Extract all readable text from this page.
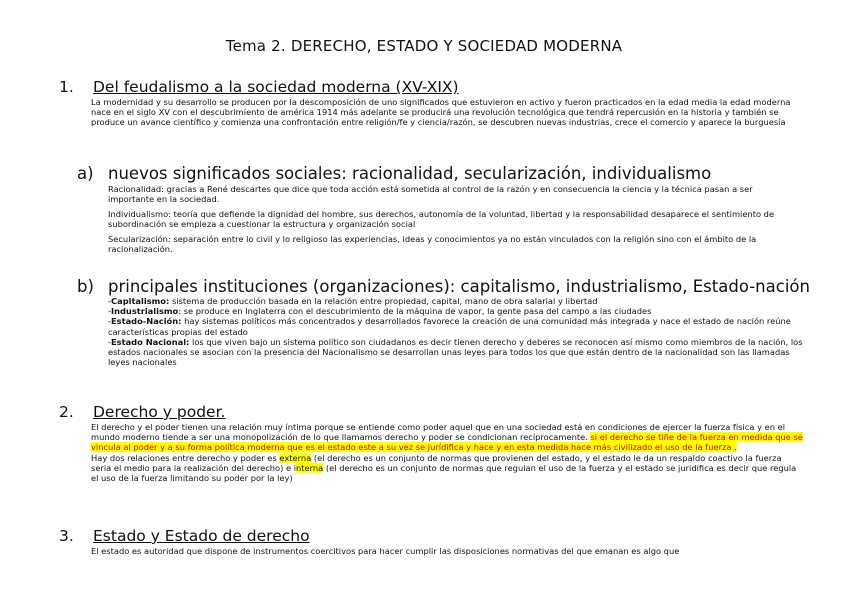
Tema 2. DERECHO, ESTADO Y SOCIEDAD MODERNA
1. Del feudalismo a la sociedad moderna (XV-XIX)

La modernidad y su desarrollo se producen por la descomposición de uno significados que estuvieron en activo y fueron practicados en la edad media la edad moderna nace en el siglo XV con el descubrimiento de américa 1914 más adelante se producirá una revolución tecnológica que tendrá repercusión en la historia y también se produce un avance científico y comienza una confrontación entre religión/fe y ciencia/razón, se descubren nuevas industrias, crece el comercio y aparece la burguesía

a) nuevos significados sociales: racionalidad, secularización, individualismo

Racionalidad: gracias a René descartes que dice que toda acción está sometida al control de la razón y en consecuencia la ciencia y la técnica pasan a ser importante en la sociedad.

Individualismo: teoría que defiende la dignidad del hombre, sus derechos, autonomía de la voluntad, libertad y la responsabilidad desaparece el sentimiento de subordinación se empieza a cuestionar la estructura y organización social

Secularización: separación entre lo civil y lo religioso las experiencias, ideas y conocimientos ya no están vinculados con la religión sino con el ámbito de la racionalización.

b) principales instituciones (organizaciones): capitalismo, industrialismo, Estado-nación
-Capitalismo: sistema de producción basada en la relación entre propiedad, capital, mano de obra salarial y libertad
-Industrialismo: se produce en Inglaterra con el descubrimiento de la máquina de vapor, la gente pasa del campo a las ciudades
-Estado-Nación: hay sistemas políticos más concentrados y desarrollados favorece la creación de una comunidad más integrada y nace el estado de nación reúne características propias del estado
-Estado Nacional: los que viven bajo un sistema político son ciudadanos es decir tienen derecho y deberes se reconocen así mismo como miembros de la nación, los estados nacionales se asocian con la presencia del Nacionalismo se desarrollan unas leyes para todos los que que están dentro de la nacionalidad son las llamadas leyes nacionales
2. Derecho y poder.
El derecho y el poder tienen una relación muy íntima porque se entiende como poder aquel que en una sociedad está en condiciones de ejercer la fuerza física y en el mundo moderno tiende a ser una monopolización de lo que llamamos derecho y poder se condicionan recíprocamente. si el derecho se tiñe de la fuerza en medida que se vincula al poder y a su forma política moderna que es el estado este a su vez se jurídifica y hace y en esta medida hace más civilizado el uso de la fuerza .
Hay dos relaciones entre derecho y poder es externa (el derecho es un conjunto de normas que provienen del estado, y el estado le da un respaldo coactivo la fuerza seria el medio para la realización del derecho) e interna (el derecho es un conjunto de normas que regulan el uso de la fuerza y el estado se juridifica es decir que regula el uso de la fuerza limitando su poder por la ley)
3. Estado y Estado de derecho

El estado es autoridad que dispone de instrumentos coercitivos para hacer cumplir las disposiciones normativas del que emanan es algo que
